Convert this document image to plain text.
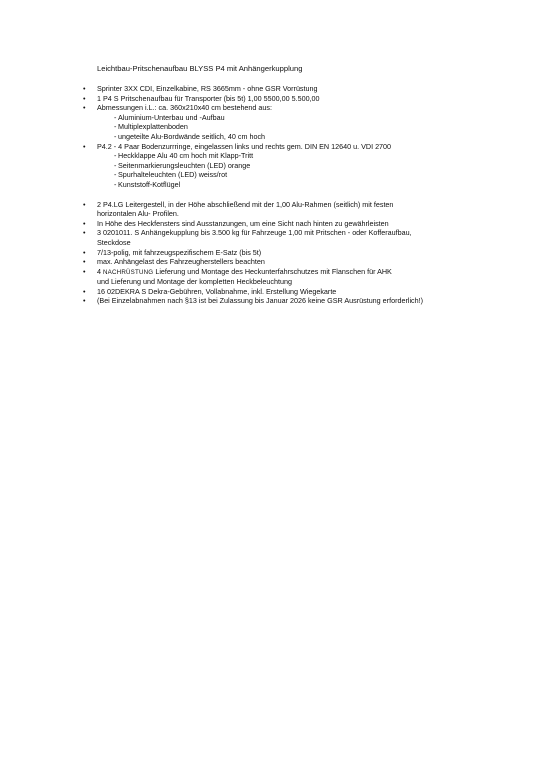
Leichtbau-Pritschenaufbau BLYSS P4 mit Anhängerkupplung
• Sprinter 3XX CDI, Einzelkabine, RS 3665mm - ohne GSR Vorrüstung
• 1 P4 S Pritschenaufbau für Transporter (bis 5t) 1,00 5500,00 5.500,00
• Abmessungen i.L.: ca. 360x210x40 cm bestehend aus:
- Aluminium-Unterbau und -Aufbau
- Multiplexplattenboden
- ungeteilte Alu-Bordwände seitlich, 40 cm hoch
• P4.2 - 4 Paar Bodenzurrringe, eingelassen links und rechts gem. DIN EN 12640 u. VDI 2700
- Heckklappe Alu 40 cm hoch mit Klapp-Tritt
- Seitenmarkierungsleuchten (LED) orange
- Spurhalteleuchten (LED) weiss/rot
- Kunststoff-Kotflügel
• 2 P4.LG Leitergestell, in der Höhe abschließend mit der 1,00 Alu-Rahmen (seitlich) mit festen
horizontalen Alu- Profilen.
• In Höhe des Heckfensters sind Ausstanzungen, um eine Sicht nach hinten zu gewährleisten
• 3 0201011. S Anhängekupplung bis 3.500 kg für Fahrzeuge 1,00 mit Pritschen - oder Kofferaufbau,
Steckdose
• 7/13-polig, mit fahrzeugspezifischem E-Satz (bis 5t)
• max. Anhängelast des Fahrzeugherstellers beachten
• 4 NACHRÜSTUNG Lieferung und Montage des Heckunterfahrschutzes mit Flanschen für AHK
und Lieferung und Montage der kompletten Heckbeleuchtung
• 16 02DEKRA S Dekra-Gebühren, Vollabnahme, inkl. Erstellung Wiegekarte
• (Bei Einzelabnahmen nach §13 ist bei Zulassung bis Januar 2026 keine GSR Ausrüstung erforderlich!)
